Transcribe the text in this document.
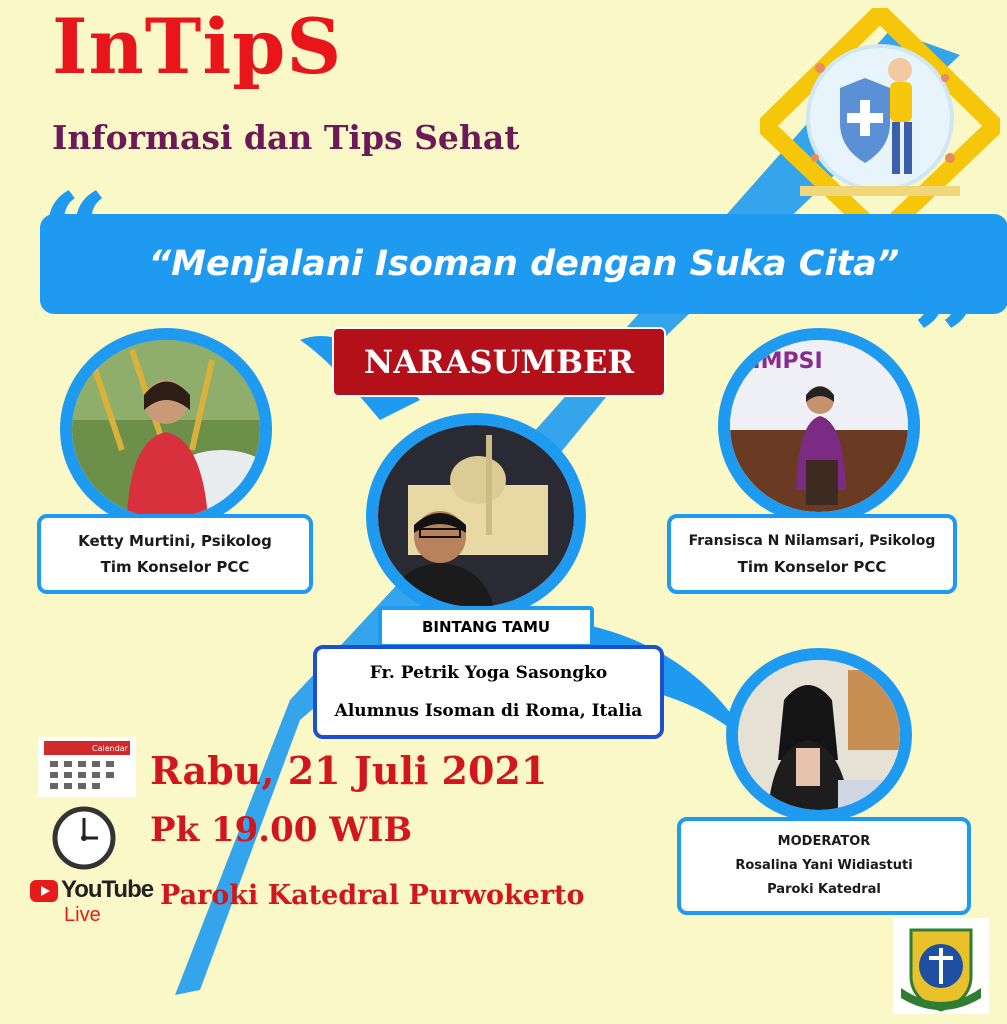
InTipS
Informasi dan Tips Sehat
“Menjalani Isoman dengan Suka Cita”
“
”
NARASUMBER	HIMPSI
Ketty Murtini, Psikolog
Tim Konselor PCC
Fransisca N Nilamsari, Psikolog
Tim Konselor PCC
BINTANG TAMU
Fr. Petrik Yoga Sasongko
Alumnus Isoman di Roma, Italia
MODERATOR
Rosalina Yani Widiastuti
Paroki Katedral
Calendar Rabu, 21 Juli 2021
Pk 19.00 WIB
YouTube
Live
Paroki Katedral Purwokerto
